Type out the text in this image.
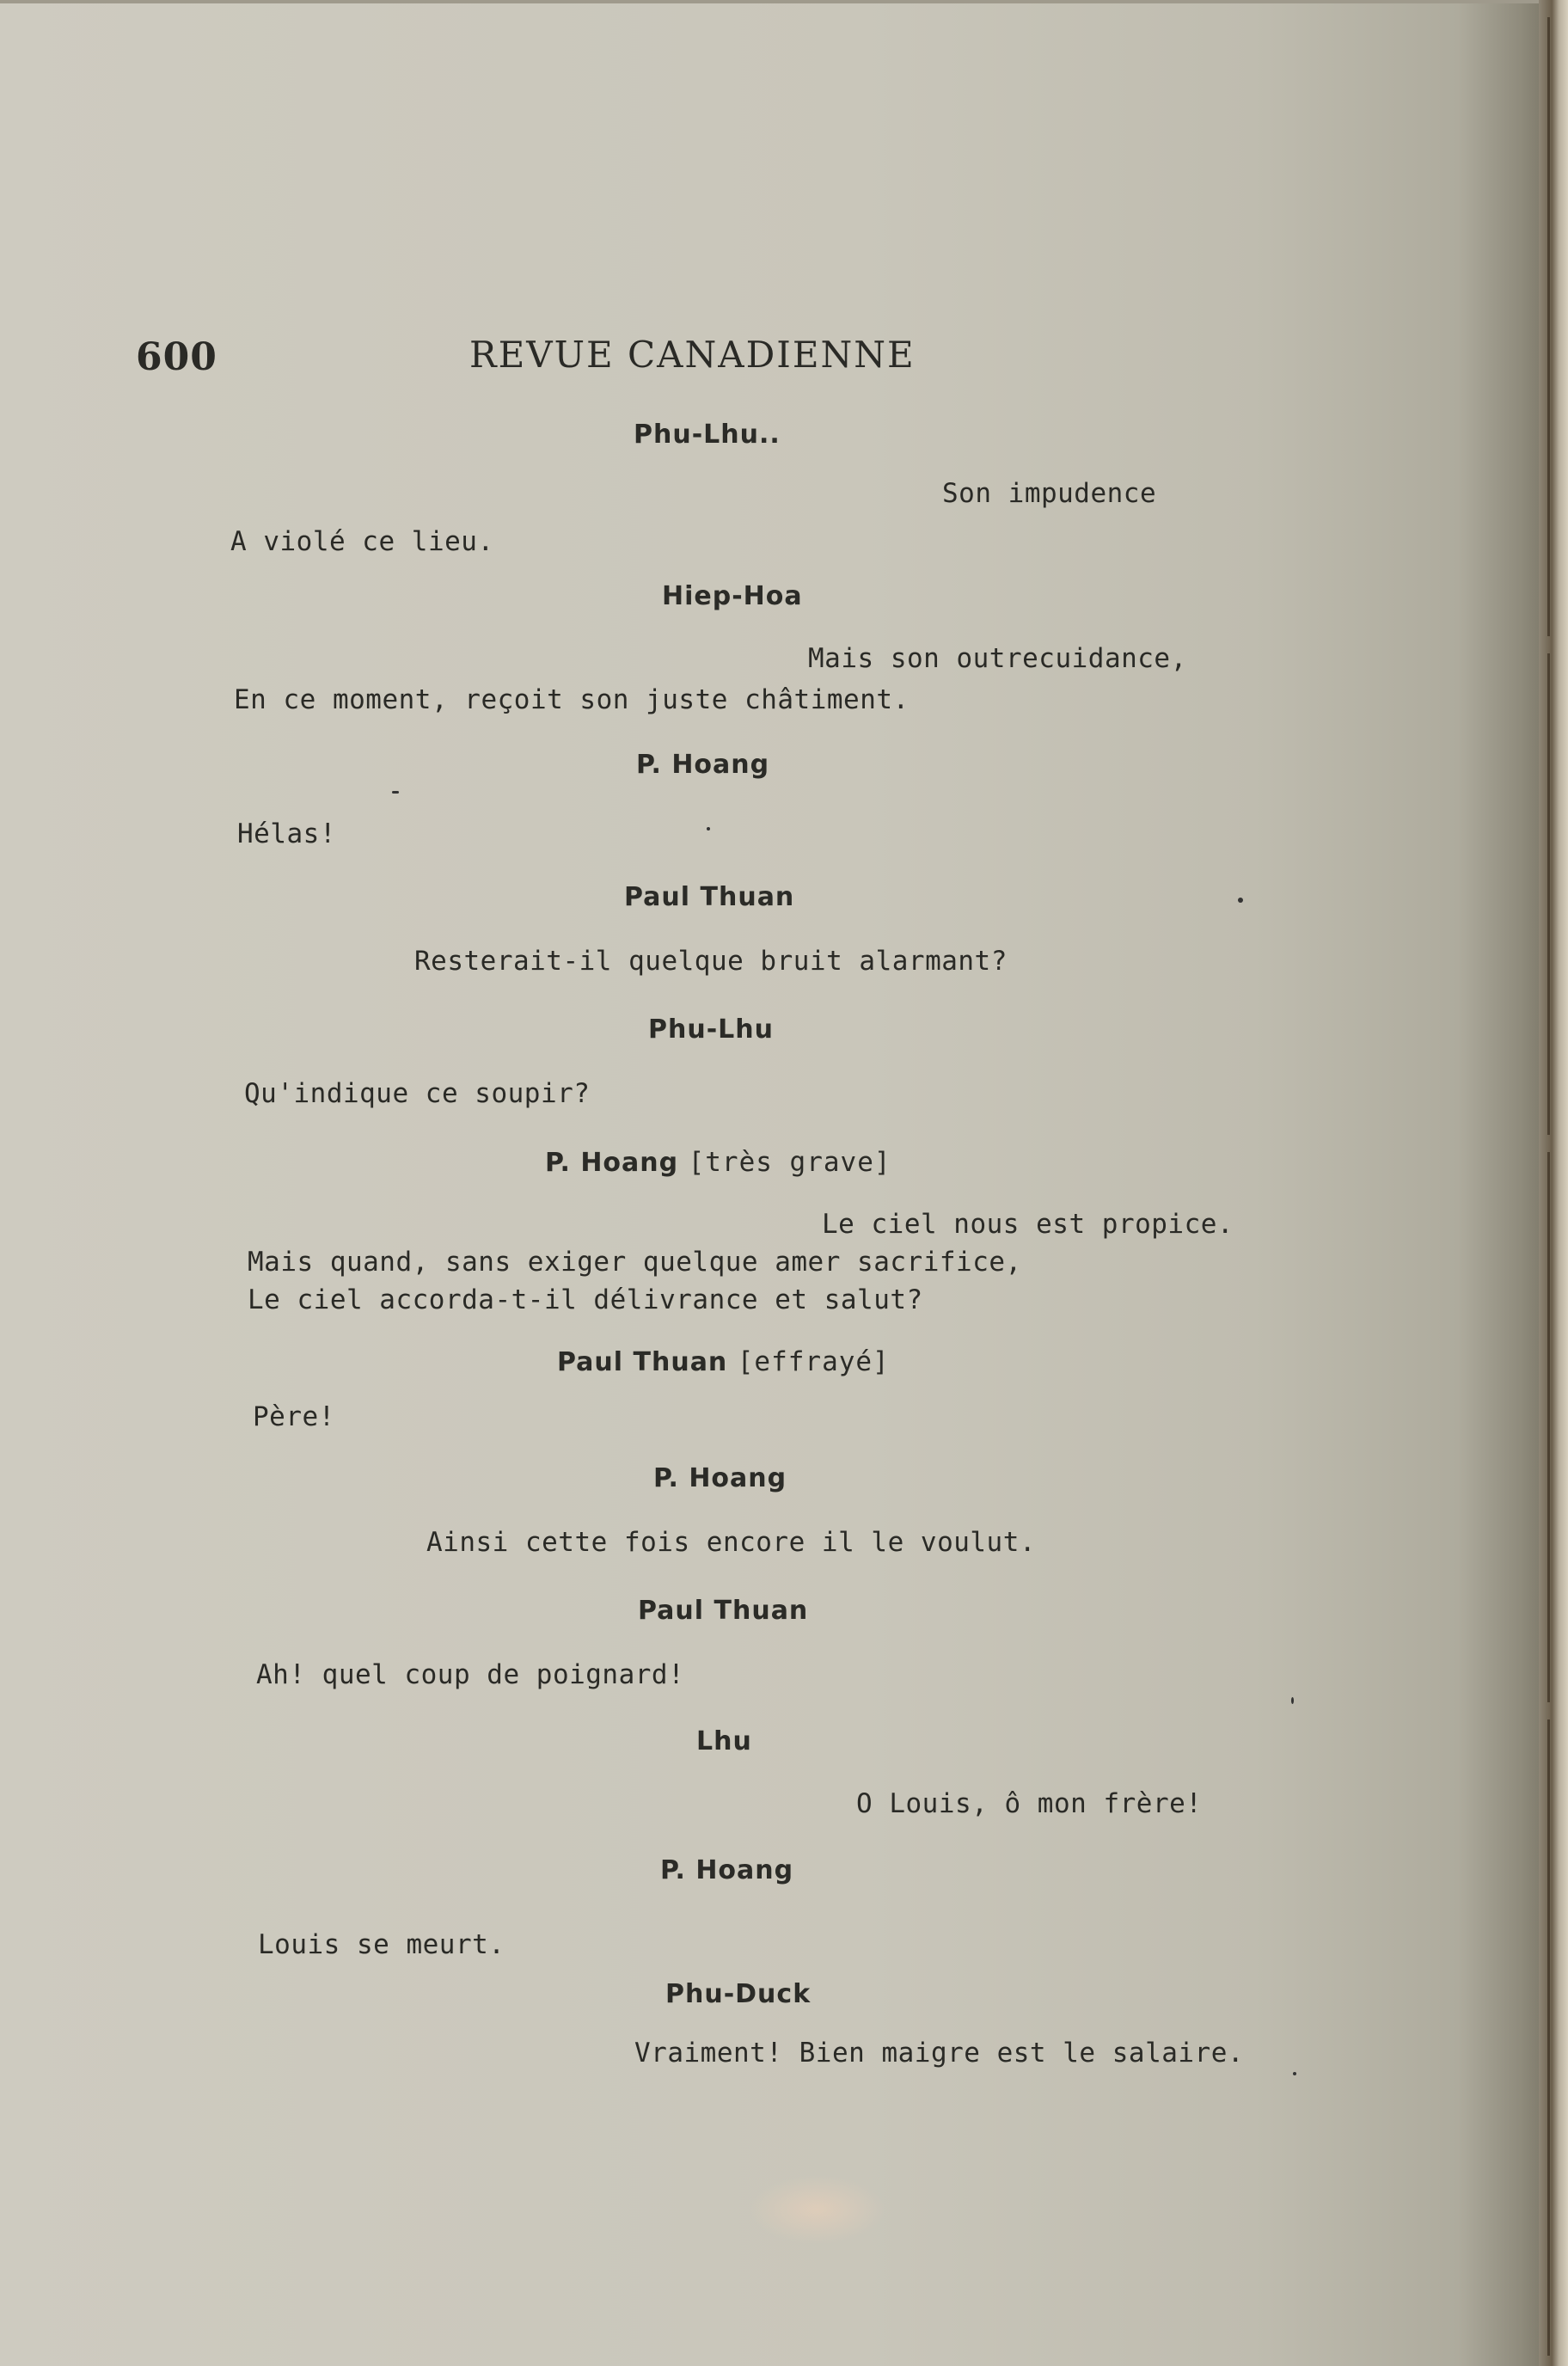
600	REVUE CANADIENNE
Phu-Lhu..
Son impudence
A violé ce lieu.
Hiep-Hoa
Mais son outrecuidance,
En ce moment, reçoit son juste châtiment.
P. Hoang
Hélas!
Paul Thuan
Resterait-il quelque bruit alarmant?
Phu-Lhu
Qu'indique ce soupir?
P. Hoang [très grave]
Le ciel nous est propice.
Mais quand, sans exiger quelque amer sacrifice,
Le ciel accorda-t-il délivrance et salut?
Paul Thuan [effrayé]
Père!
P. Hoang
Ainsi cette fois encore il le voulut.
Paul Thuan
Ah! quel coup de poignard!
Lhu
O Louis, ô mon frère!
P. Hoang
Louis se meurt.
Phu-Duck
Vraiment! Bien maigre est le salaire.
